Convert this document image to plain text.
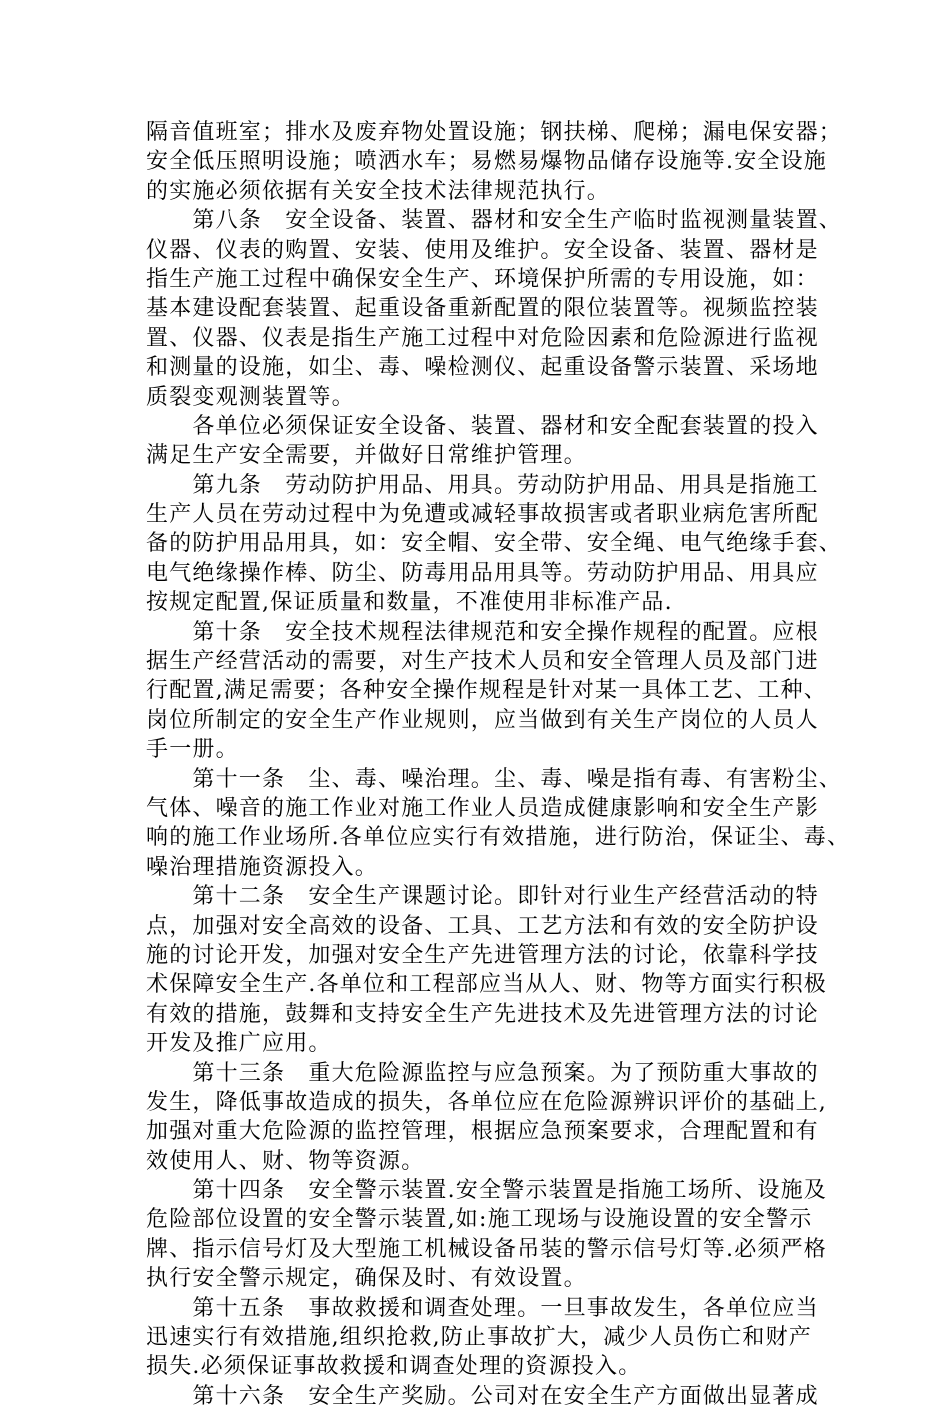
隔音值班室；排水及废弃物处置设施；钢扶梯、爬梯；漏电保安器；
安全低压照明设施；喷洒水车；易燃易爆物品储存设施等.安全设施
的实施必须依据有关安全技术法律规范执行。
　　第八条　安全设备、装置、器材和安全生产临时监视测量装置、
仪器、仪表的购置、安装、使用及维护。安全设备、装置、器材是
指生产施工过程中确保安全生产、环境保护所需的专用设施，如：
基本建设配套装置、起重设备重新配置的限位装置等。视频监控装
置、仪器、仪表是指生产施工过程中对危险因素和危险源进行监视
和测量的设施，如尘、毒、噪检测仪、起重设备警示装置、采场地
质裂变观测装置等。
　　各单位必须保证安全设备、装置、器材和安全配套装置的投入
满足生产安全需要，并做好日常维护管理。
　　第九条　劳动防护用品、用具。劳动防护用品、用具是指施工
生产人员在劳动过程中为免遭或减轻事故损害或者职业病危害所配
备的防护用品用具，如：安全帽、安全带、安全绳、电气绝缘手套、
电气绝缘操作棒、防尘、防毒用品用具等。劳动防护用品、用具应
按规定配置,保证质量和数量，不准使用非标准产品.
　　第十条　安全技术规程法律规范和安全操作规程的配置。应根
据生产经营活动的需要，对生产技术人员和安全管理人员及部门进
行配置,满足需要；各种安全操作规程是针对某一具体工艺、工种、
岗位所制定的安全生产作业规则，应当做到有关生产岗位的人员人
手一册。
　　第十一条　尘、毒、噪治理。尘、毒、噪是指有毒、有害粉尘、
气体、噪音的施工作业对施工作业人员造成健康影响和安全生产影
响的施工作业场所.各单位应实行有效措施，进行防治，保证尘、毒、
噪治理措施资源投入。
　　第十二条　安全生产课题讨论。即针对行业生产经营活动的特
点，加强对安全高效的设备、工具、工艺方法和有效的安全防护设
施的讨论开发，加强对安全生产先进管理方法的讨论，依靠科学技
术保障安全生产.各单位和工程部应当从人、财、物等方面实行积极
有效的措施，鼓舞和支持安全生产先进技术及先进管理方法的讨论
开发及推广应用。
　　第十三条　重大危险源监控与应急预案。为了预防重大事故的
发生，降低事故造成的损失，各单位应在危险源辨识评价的基础上,
加强对重大危险源的监控管理，根据应急预案要求，合理配置和有
效使用人、财、物等资源。
　　第十四条　安全警示装置.安全警示装置是指施工场所、设施及
危险部位设置的安全警示装置,如:施工现场与设施设置的安全警示
牌、指示信号灯及大型施工机械设备吊装的警示信号灯等.必须严格
执行安全警示规定，确保及时、有效设置。
　　第十五条　事故救援和调查处理。一旦事故发生，各单位应当
迅速实行有效措施,组织抢救,防止事故扩大，减少人员伤亡和财产
损失.必须保证事故救援和调查处理的资源投入。
　　第十六条　安全生产奖励。公司对在安全生产方面做出显著成
